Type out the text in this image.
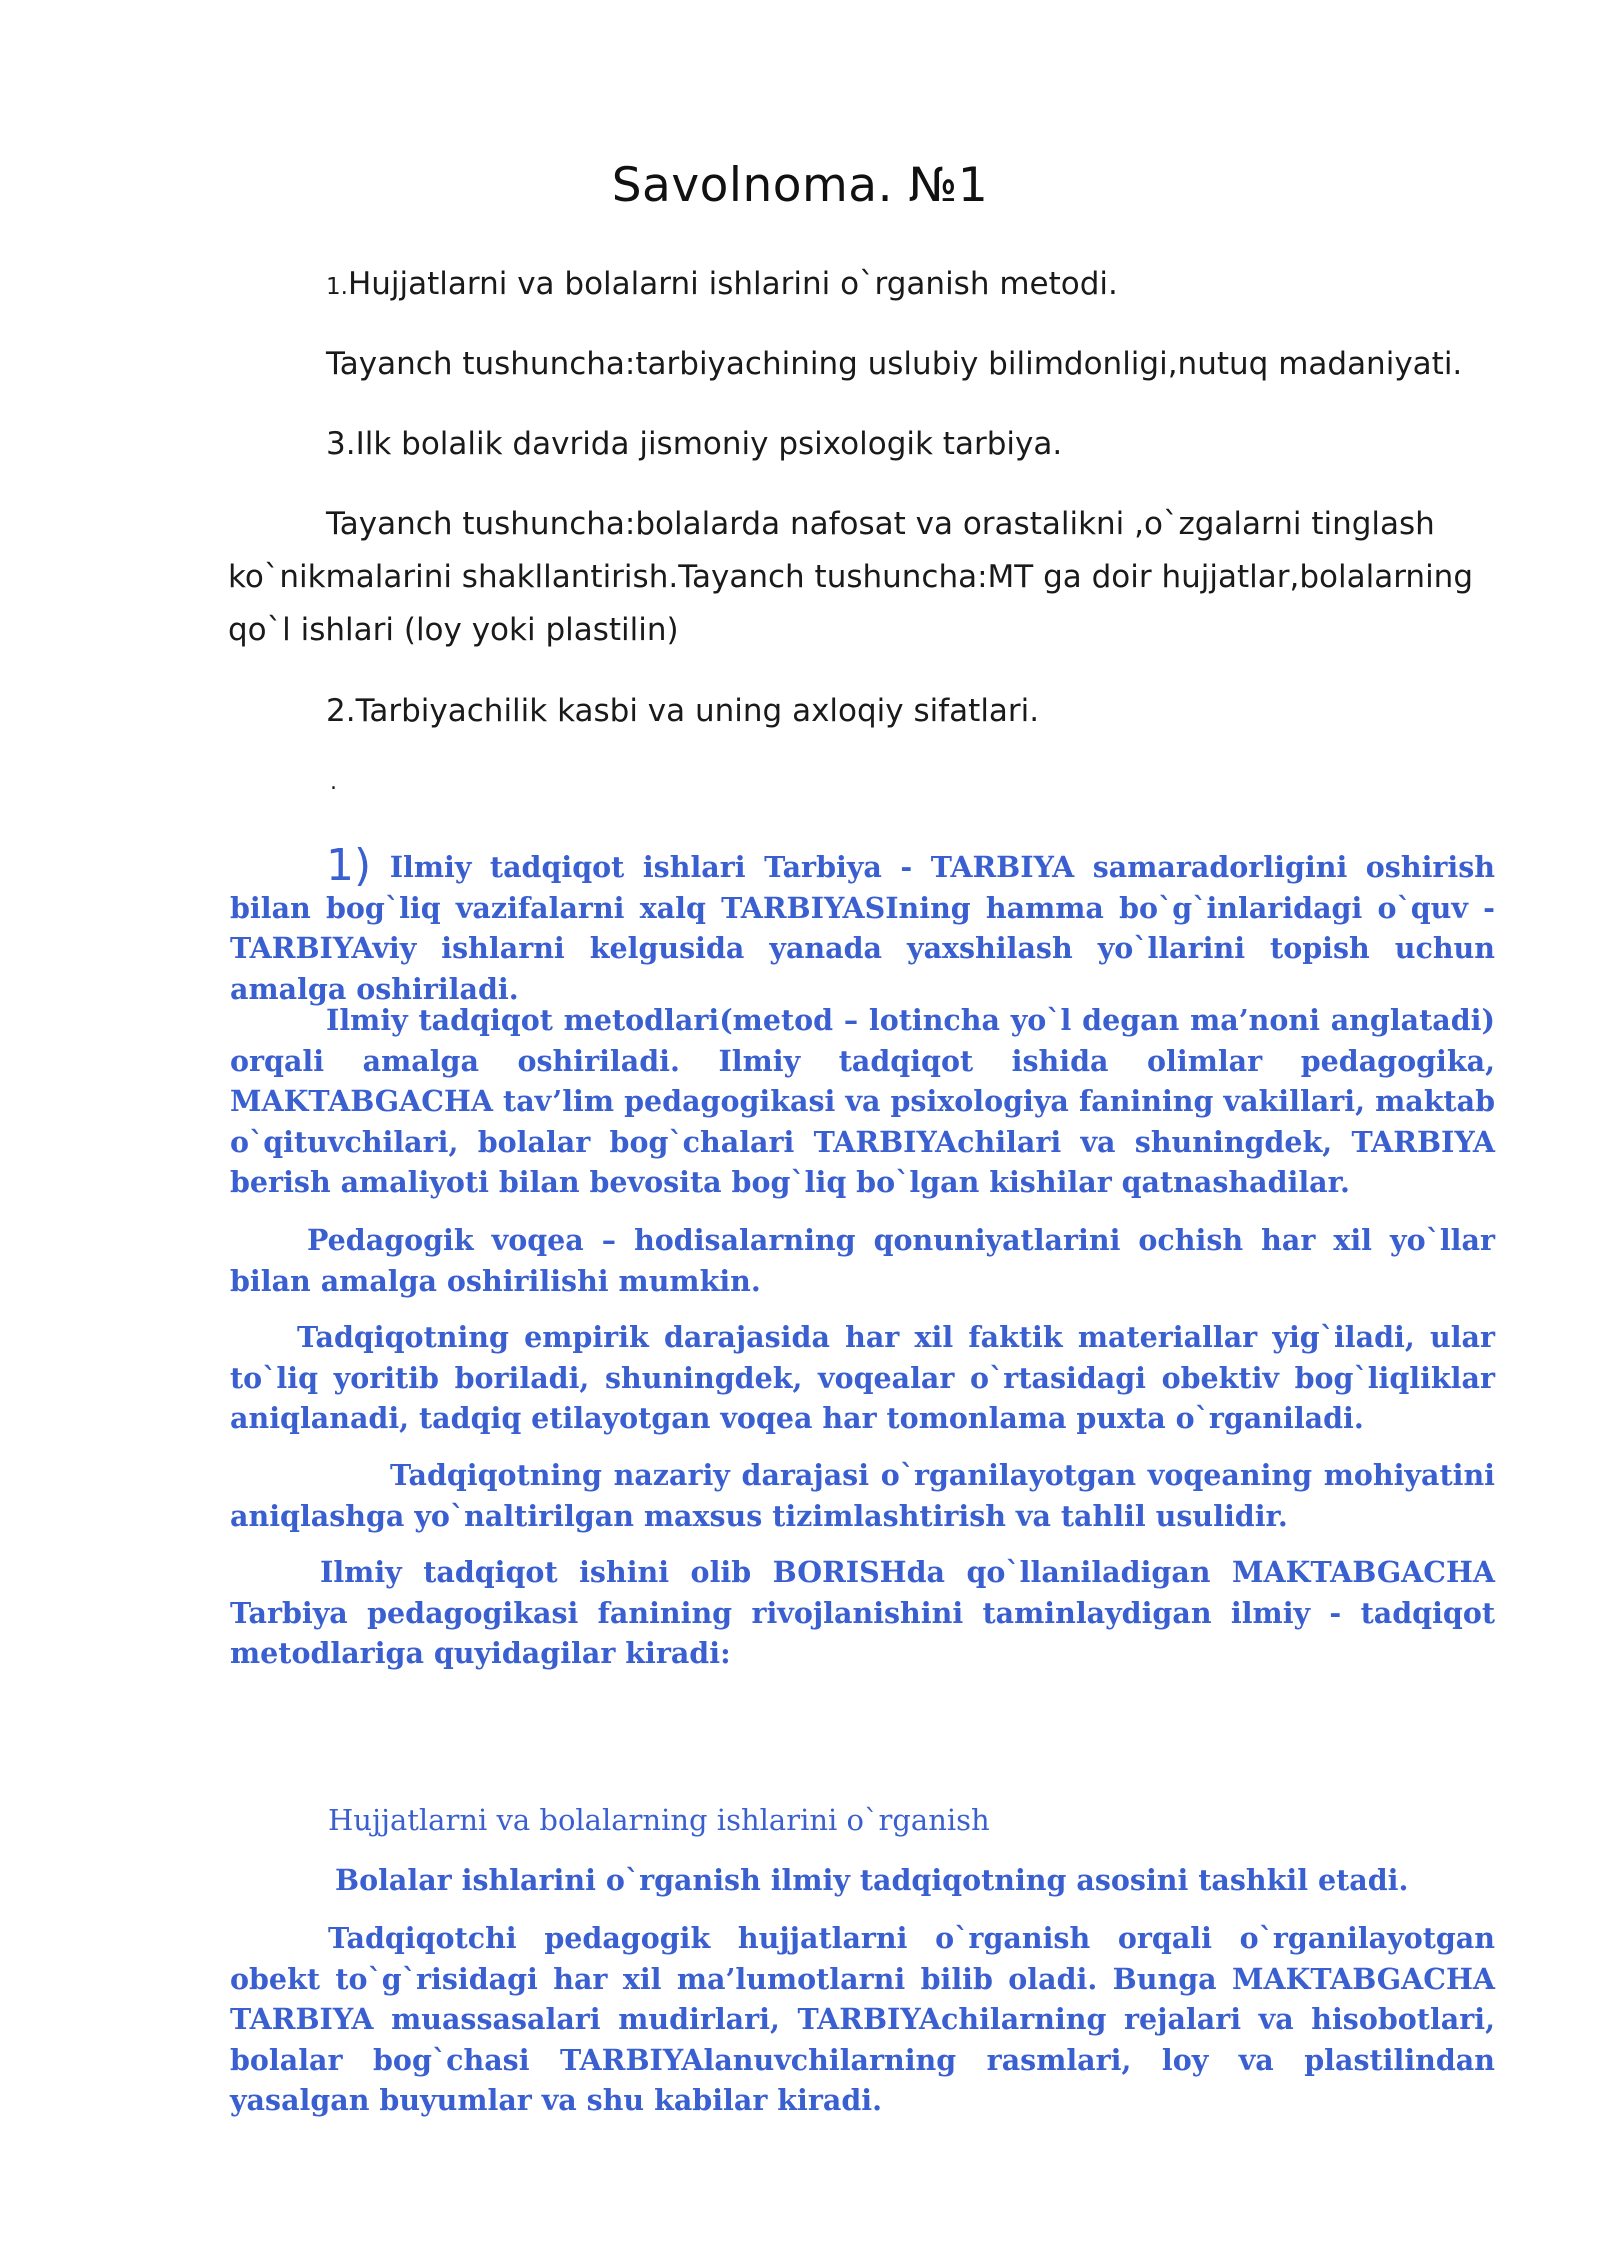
Savolnoma. №1

1.Hujjatlarni va bolalarni ishlarini o`rganish metodi.

Tayanch tushuncha:tarbiyachining uslubiy bilimdonligi,nutuq madaniyati.

3.Ilk bolalik davrida jismoniy psixologik tarbiya.

Tayanch tushuncha:bolalarda nafosat va orastalikni ,o`zgalarni tinglash ko`nikmalarini shakllantirish.Tayanch tushuncha:MT ga doir hujjatlar,bolalarning qo`l ishlari (loy yoki plastilin)

2.Tarbiyachilik kasbi va uning axloqiy sifatlari.

.

1) Ilmiy tadqiqot ishlari Tarbiya - TARBIYA samaradorligini oshirish bilan bog`liq vazifalarni xalq TARBIYASIning hamma bo`g`inlaridagi o`quv - TARBIYAviy ishlarni kelgusida yanada yaxshilash yo`llarini topish uchun amalga oshiriladi.

Ilmiy tadqiqot metodlari(metod – lotincha yo`l degan ma’noni anglatadi) orqali amalga oshiriladi. Ilmiy tadqiqot ishida olimlar pedagogika, MAKTABGACHA tav’lim pedagogikasi va psixologiya fanining vakillari, maktab o`qituvchilari, bolalar bog`chalari TARBIYAchilari va shuningdek, TARBIYA berish amaliyoti bilan bevosita bog`liq bo`lgan kishilar qatnashadilar.

Pedagogik voqea – hodisalarning qonuniyatlarini ochish har xil yo`llar bilan amalga oshirilishi mumkin.

Tadqiqotning empirik darajasida har xil faktik materiallar yig`iladi, ular to`liq yoritib boriladi, shuningdek, voqealar o`rtasidagi obektiv bog`liqliklar aniqlanadi, tadqiq etilayotgan voqea har tomonlama puxta o`rganiladi.

Tadqiqotning nazariy darajasi o`rganilayotgan voqeaning mohiyatini aniqlashga yo`naltirilgan maxsus tizimlashtirish va tahlil usulidir.

Ilmiy tadqiqot ishini olib BORISHda qo`llaniladigan MAKTABGACHA Tarbiya pedagogikasi fanining rivojlanishini taminlaydigan ilmiy - tadqiqot metodlariga quyidagilar kiradi:

Hujjatlarni va bolalarning ishlarini o`rganish

Bolalar ishlarini o`rganish ilmiy tadqiqotning asosini tashkil etadi.

Tadqiqotchi pedagogik hujjatlarni o`rganish orqali o`rganilayotgan obekt to`g`risidagi har xil ma’lumotlarni bilib oladi. Bunga MAKTABGACHA TARBIYA muassasalari mudirlari, TARBIYAchilarning rejalari va hisobotlari, bolalar bog`chasi TARBIYAlanuvchilarning rasmlari, loy va plastilindan yasalgan buyumlar va shu kabilar kiradi.
